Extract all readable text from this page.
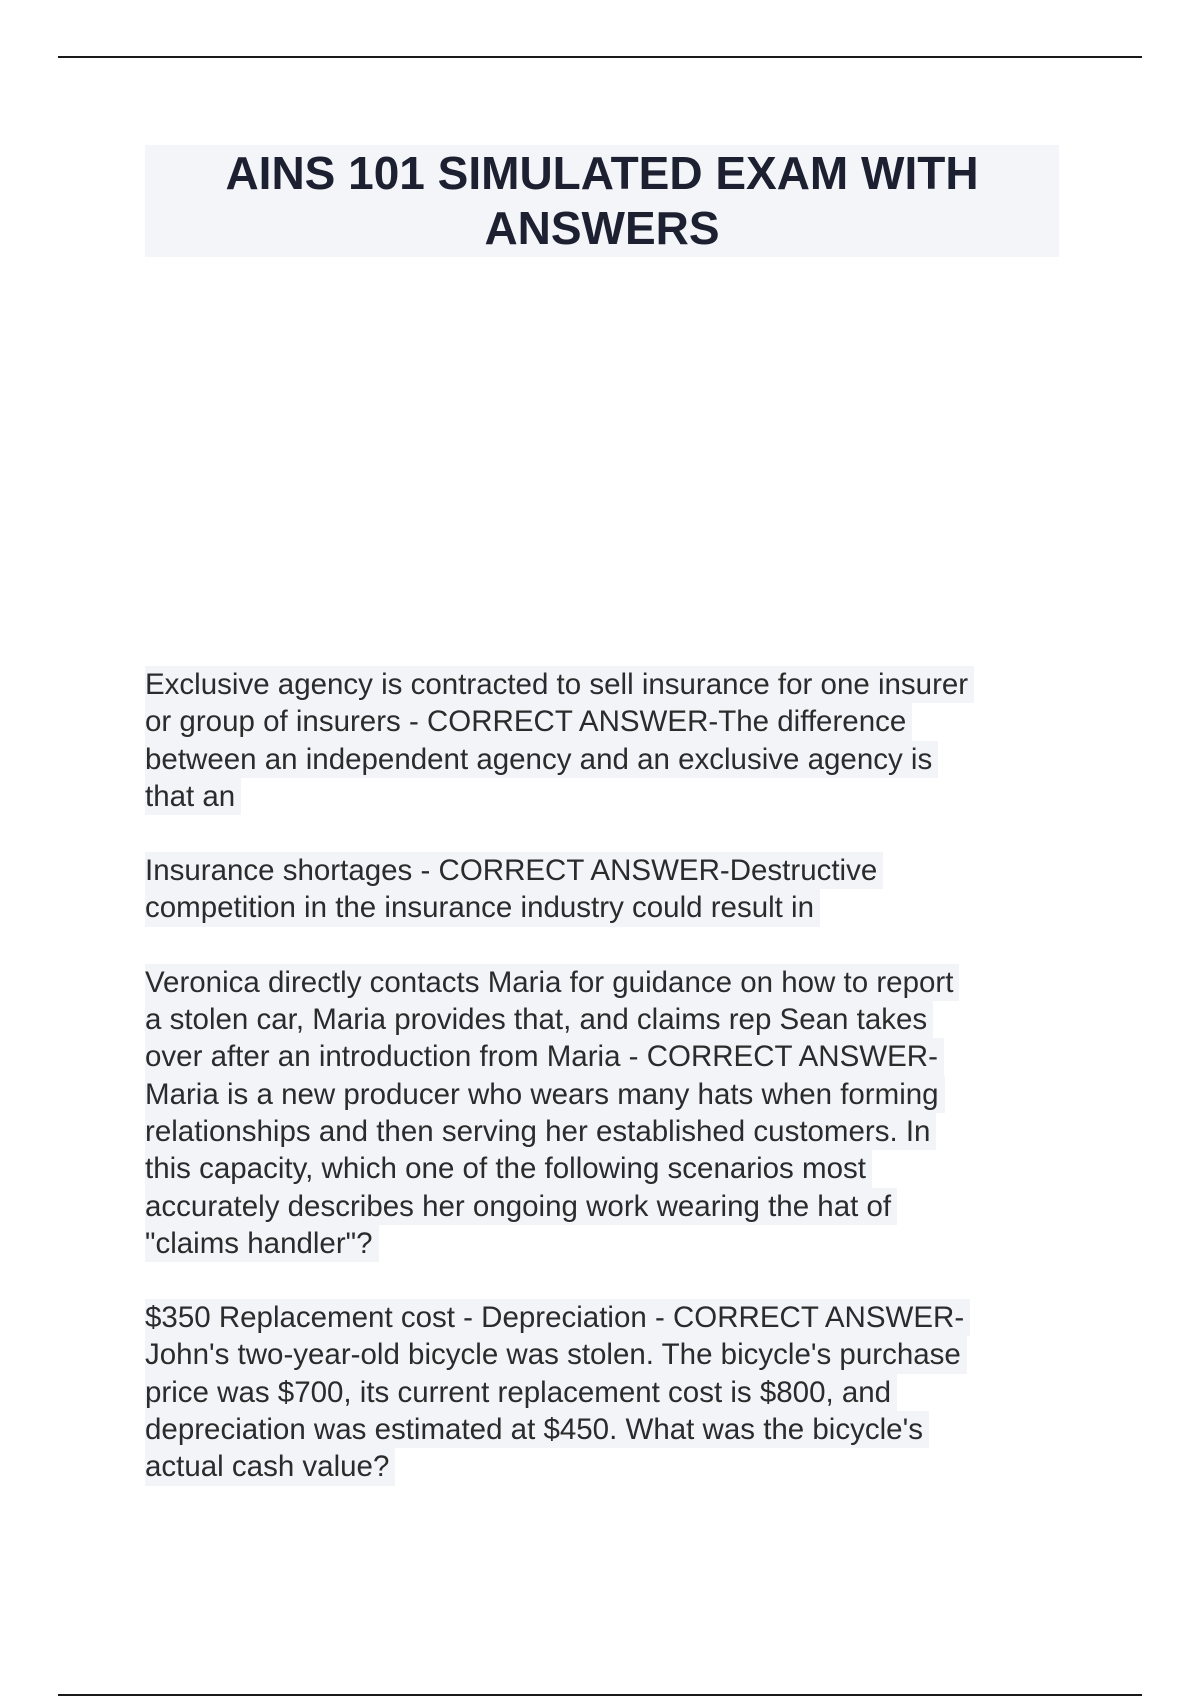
AINS 101 SIMULATED EXAM WITH
ANSWERS
Exclusive agency is contracted to sell insurance for one insurer
or group of insurers - CORRECT ANSWER-The difference
between an independent agency and an exclusive agency is
that an
Insurance shortages - CORRECT ANSWER-Destructive
competition in the insurance industry could result in
Veronica directly contacts Maria for guidance on how to report
a stolen car, Maria provides that, and claims rep Sean takes
over after an introduction from Maria - CORRECT ANSWER-
Maria is a new producer who wears many hats when forming
relationships and then serving her established customers. In
this capacity, which one of the following scenarios most
accurately describes her ongoing work wearing the hat of
"claims handler"?
$350 Replacement cost - Depreciation - CORRECT ANSWER-
John's two-year-old bicycle was stolen. The bicycle's purchase
price was $700, its current replacement cost is $800, and
depreciation was estimated at $450. What was the bicycle's
actual cash value?
